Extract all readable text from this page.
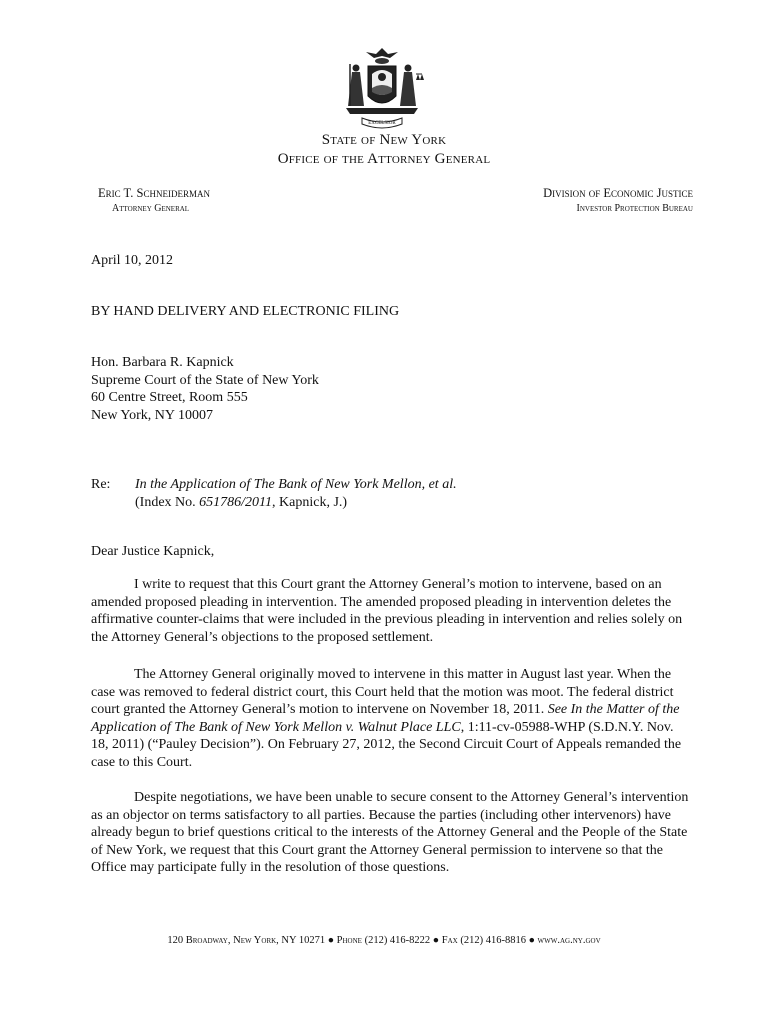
EXCELSIOR
State of New York
Office of the Attorney General
Eric T. Schneiderman
Attorney General
Division of Economic Justice
Investor Protection Bureau
April 10, 2012
BY HAND DELIVERY AND ELECTRONIC FILING
Hon. Barbara R. Kapnick
Supreme Court of the State of New York
60 Centre Street, Room 555
New York, NY 10007
Re: In the Application of The Bank of New York Mellon, et al.
(Index No. 651786/2011, Kapnick, J.)
Dear Justice Kapnick,

I write to request that this Court grant the Attorney General’s motion to intervene, based on an amended proposed pleading in intervention. The amended proposed pleading in intervention deletes the affirmative counter-claims that were included in the previous pleading in intervention and relies solely on the Attorney General’s objections to the proposed settlement.

The Attorney General originally moved to intervene in this matter in August last year. When the case was removed to federal district court, this Court held that the motion was moot. The federal district court granted the Attorney General’s motion to intervene on November 18, 2011. See In the Matter of the Application of The Bank of New York Mellon v. Walnut Place LLC, 1:11-cv-05988-WHP (S.D.N.Y. Nov. 18, 2011) (“Pauley Decision”). On February 27, 2012, the Second Circuit Court of Appeals remanded the case to this Court.

Despite negotiations, we have been unable to secure consent to the Attorney General’s intervention as an objector on terms satisfactory to all parties. Because the parties (including other intervenors) have already begun to brief questions critical to the interests of the Attorney General and the People of the State of New York, we request that this Court grant the Attorney General permission to intervene so that the Office may participate fully in the resolution of those questions.

120 Broadway, New York, NY 10271 ● Phone (212) 416-8222 ● Fax (212) 416-8816 ● www.ag.ny.gov
